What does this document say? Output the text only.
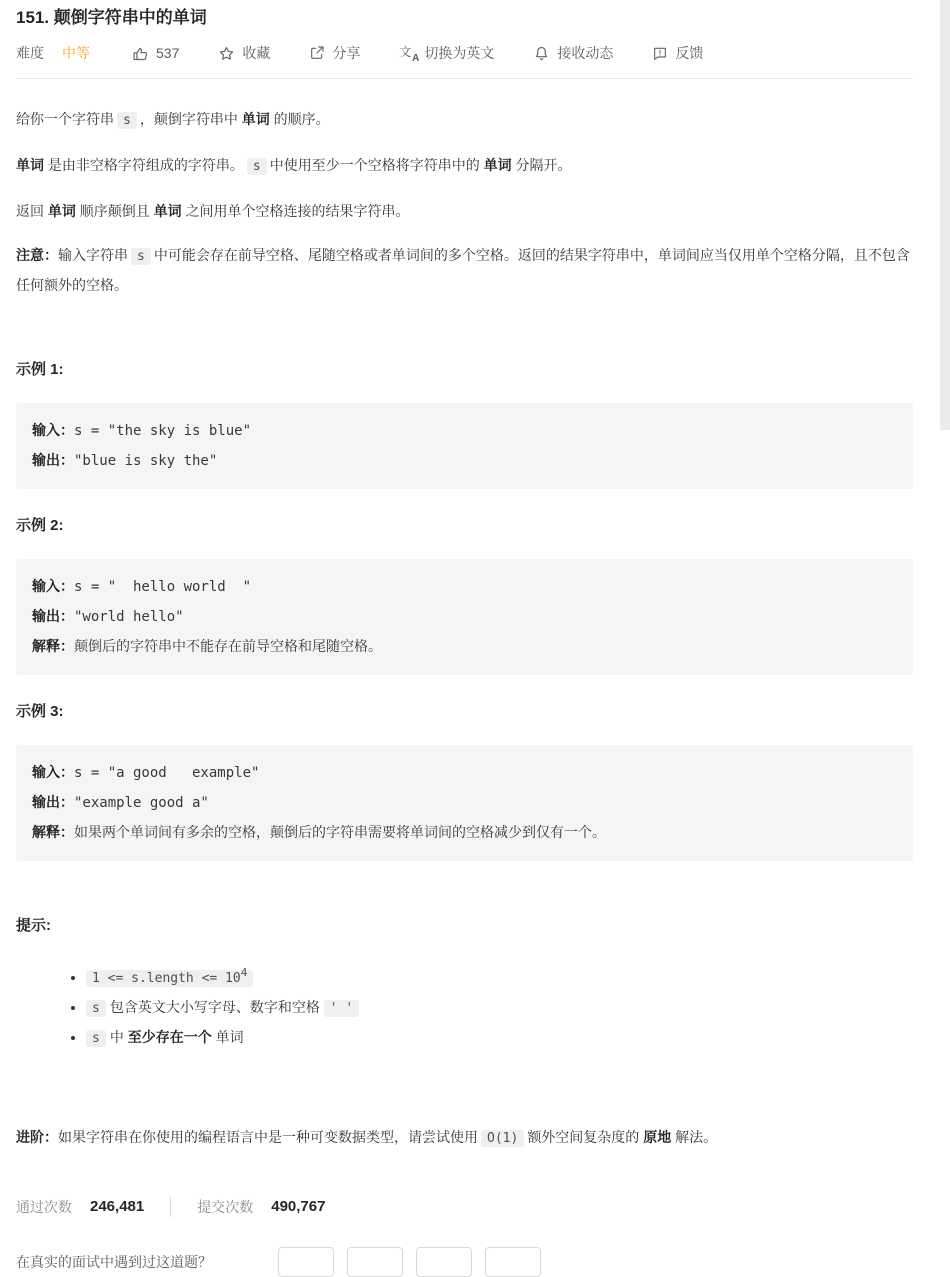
151. 颠倒字符串中的单词
难度 中等	537	收藏	分享	文 A 切换为英文	接收动态	反馈

给你一个字符串 s ，颠倒字符串中 单词 的顺序。

单词 是由非空格字符组成的字符串。 s 中使用至少一个空格将字符串中的 单词 分隔开。

返回 单词 顺序颠倒且 单词 之间用单个空格连接的结果字符串。

注意：输入字符串 s 中可能会存在前导空格、尾随空格或者单词间的多个空格。返回的结果字符串中，单词间应当仅用单个空格分隔，且不包含任何额外的空格。

示例 1:
输入：s = "the sky is blue"
输出："blue is sky the"
示例 2:
输入：s = "  hello world  "
输出："world hello"
解释：颠倒后的字符串中不能存在前导空格和尾随空格。
示例 3:
输入：s = "a good   example"
输出："example good a"
解释：如果两个单词间有多余的空格，颠倒后的字符串需要将单词间的空格减少到仅有一个。
提示:
• 1 <= s.length <= $10^4$
• s 包含英文大小写字母、数字和空格 ' '
• s 中 至少存在一个 单词

进阶：如果字符串在你使用的编程语言中是一种可变数据类型，请尝试使用 O(1) 额外空间复杂度的 原地 解法。

通过次数 246,481	提交次数 490,767
在真实的面试中遇到过这道题？
